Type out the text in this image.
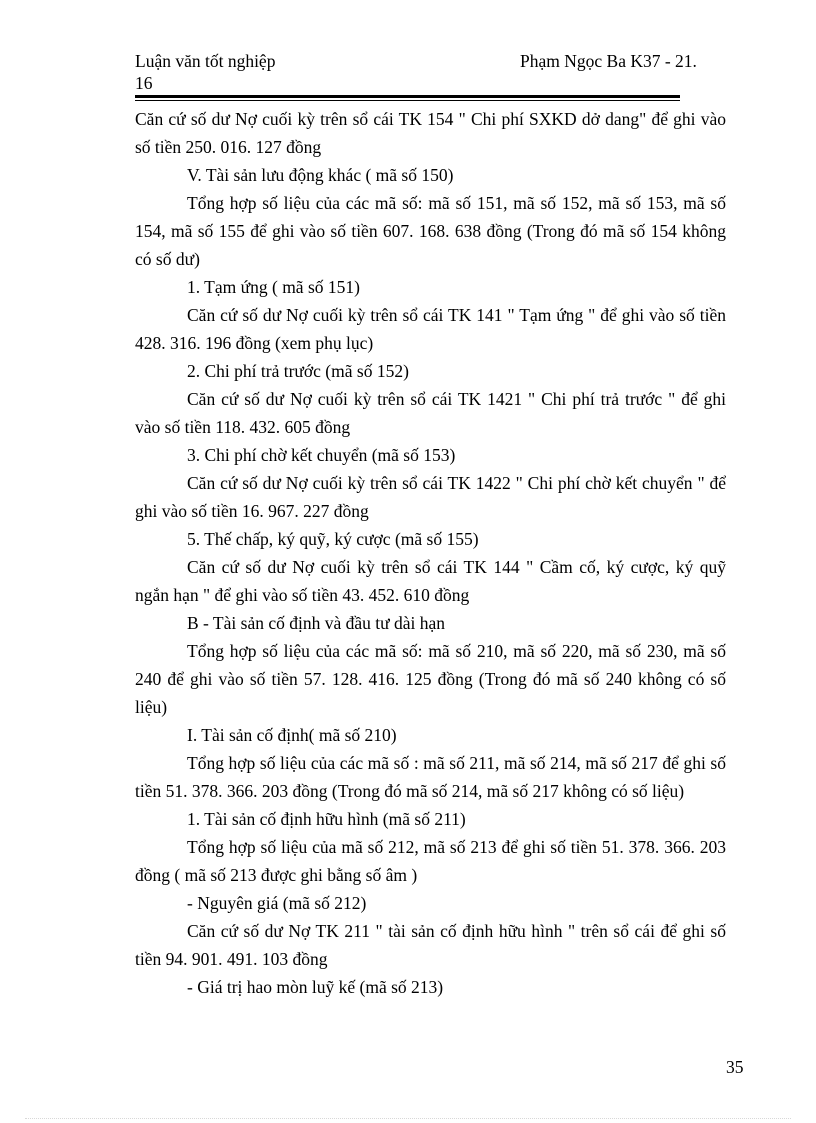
Luận văn tốt nghiệp
16
Phạm Ngọc Ba K37 - 21.

Căn cứ số dư Nợ cuối kỳ trên sổ cái TK 154 " Chi phí SXKD dở dang" để ghi vào số tiền 250. 016. 127 đồng

V. Tài sản lưu động khác ( mã số 150)

Tổng hợp số liệu của các mã số: mã số 151, mã số 152, mã số 153, mã số 154, mã số 155 để ghi vào số tiền 607. 168. 638 đồng (Trong đó mã số 154 không có số dư)

1. Tạm ứng ( mã số 151)

Căn cứ số dư Nợ cuối kỳ trên sổ cái TK 141 " Tạm ứng " để ghi vào số tiền 428. 316. 196 đồng (xem phụ lục)

2. Chi phí trả trước (mã số 152)

Căn cứ số dư Nợ cuối kỳ trên sổ cái TK 1421 " Chi phí trả trước " để ghi vào số tiền 118. 432. 605 đồng

3. Chi phí chờ kết chuyển (mã số 153)

Căn cứ số dư Nợ cuối kỳ trên sổ cái TK 1422 " Chi phí chờ kết chuyển " để ghi vào số tiền 16. 967. 227 đồng

5. Thế chấp, ký quỹ, ký cược (mã số 155)

Căn cứ số dư Nợ cuối kỳ trên sổ cái TK 144 " Cầm cố, ký cược, ký quỹ ngắn hạn " để ghi vào số tiền 43. 452. 610 đồng

B - Tài sản cố định và đầu tư dài hạn

Tổng hợp số liệu của các mã số: mã số 210, mã số 220, mã số 230, mã số 240 để ghi vào số tiền 57. 128. 416. 125 đồng (Trong đó mã số 240 không có số liệu)

I. Tài sản cố định( mã số 210)

Tổng hợp số liệu của các mã số : mã số 211, mã số 214, mã số 217 để ghi số tiền 51. 378. 366. 203 đồng (Trong đó mã số 214, mã số 217 không có số liệu)

1. Tài sản cố định hữu hình (mã số 211)

Tổng hợp số liệu của mã số 212, mã số 213 để ghi số tiền 51. 378. 366. 203 đồng ( mã số 213 được ghi bằng số âm )

- Nguyên giá (mã số 212)

Căn cứ số dư Nợ TK 211 " tài sản cố định hữu hình " trên sổ cái để ghi số tiền 94. 901. 491. 103 đồng

- Giá trị hao mòn luỹ kế (mã số 213)

35
